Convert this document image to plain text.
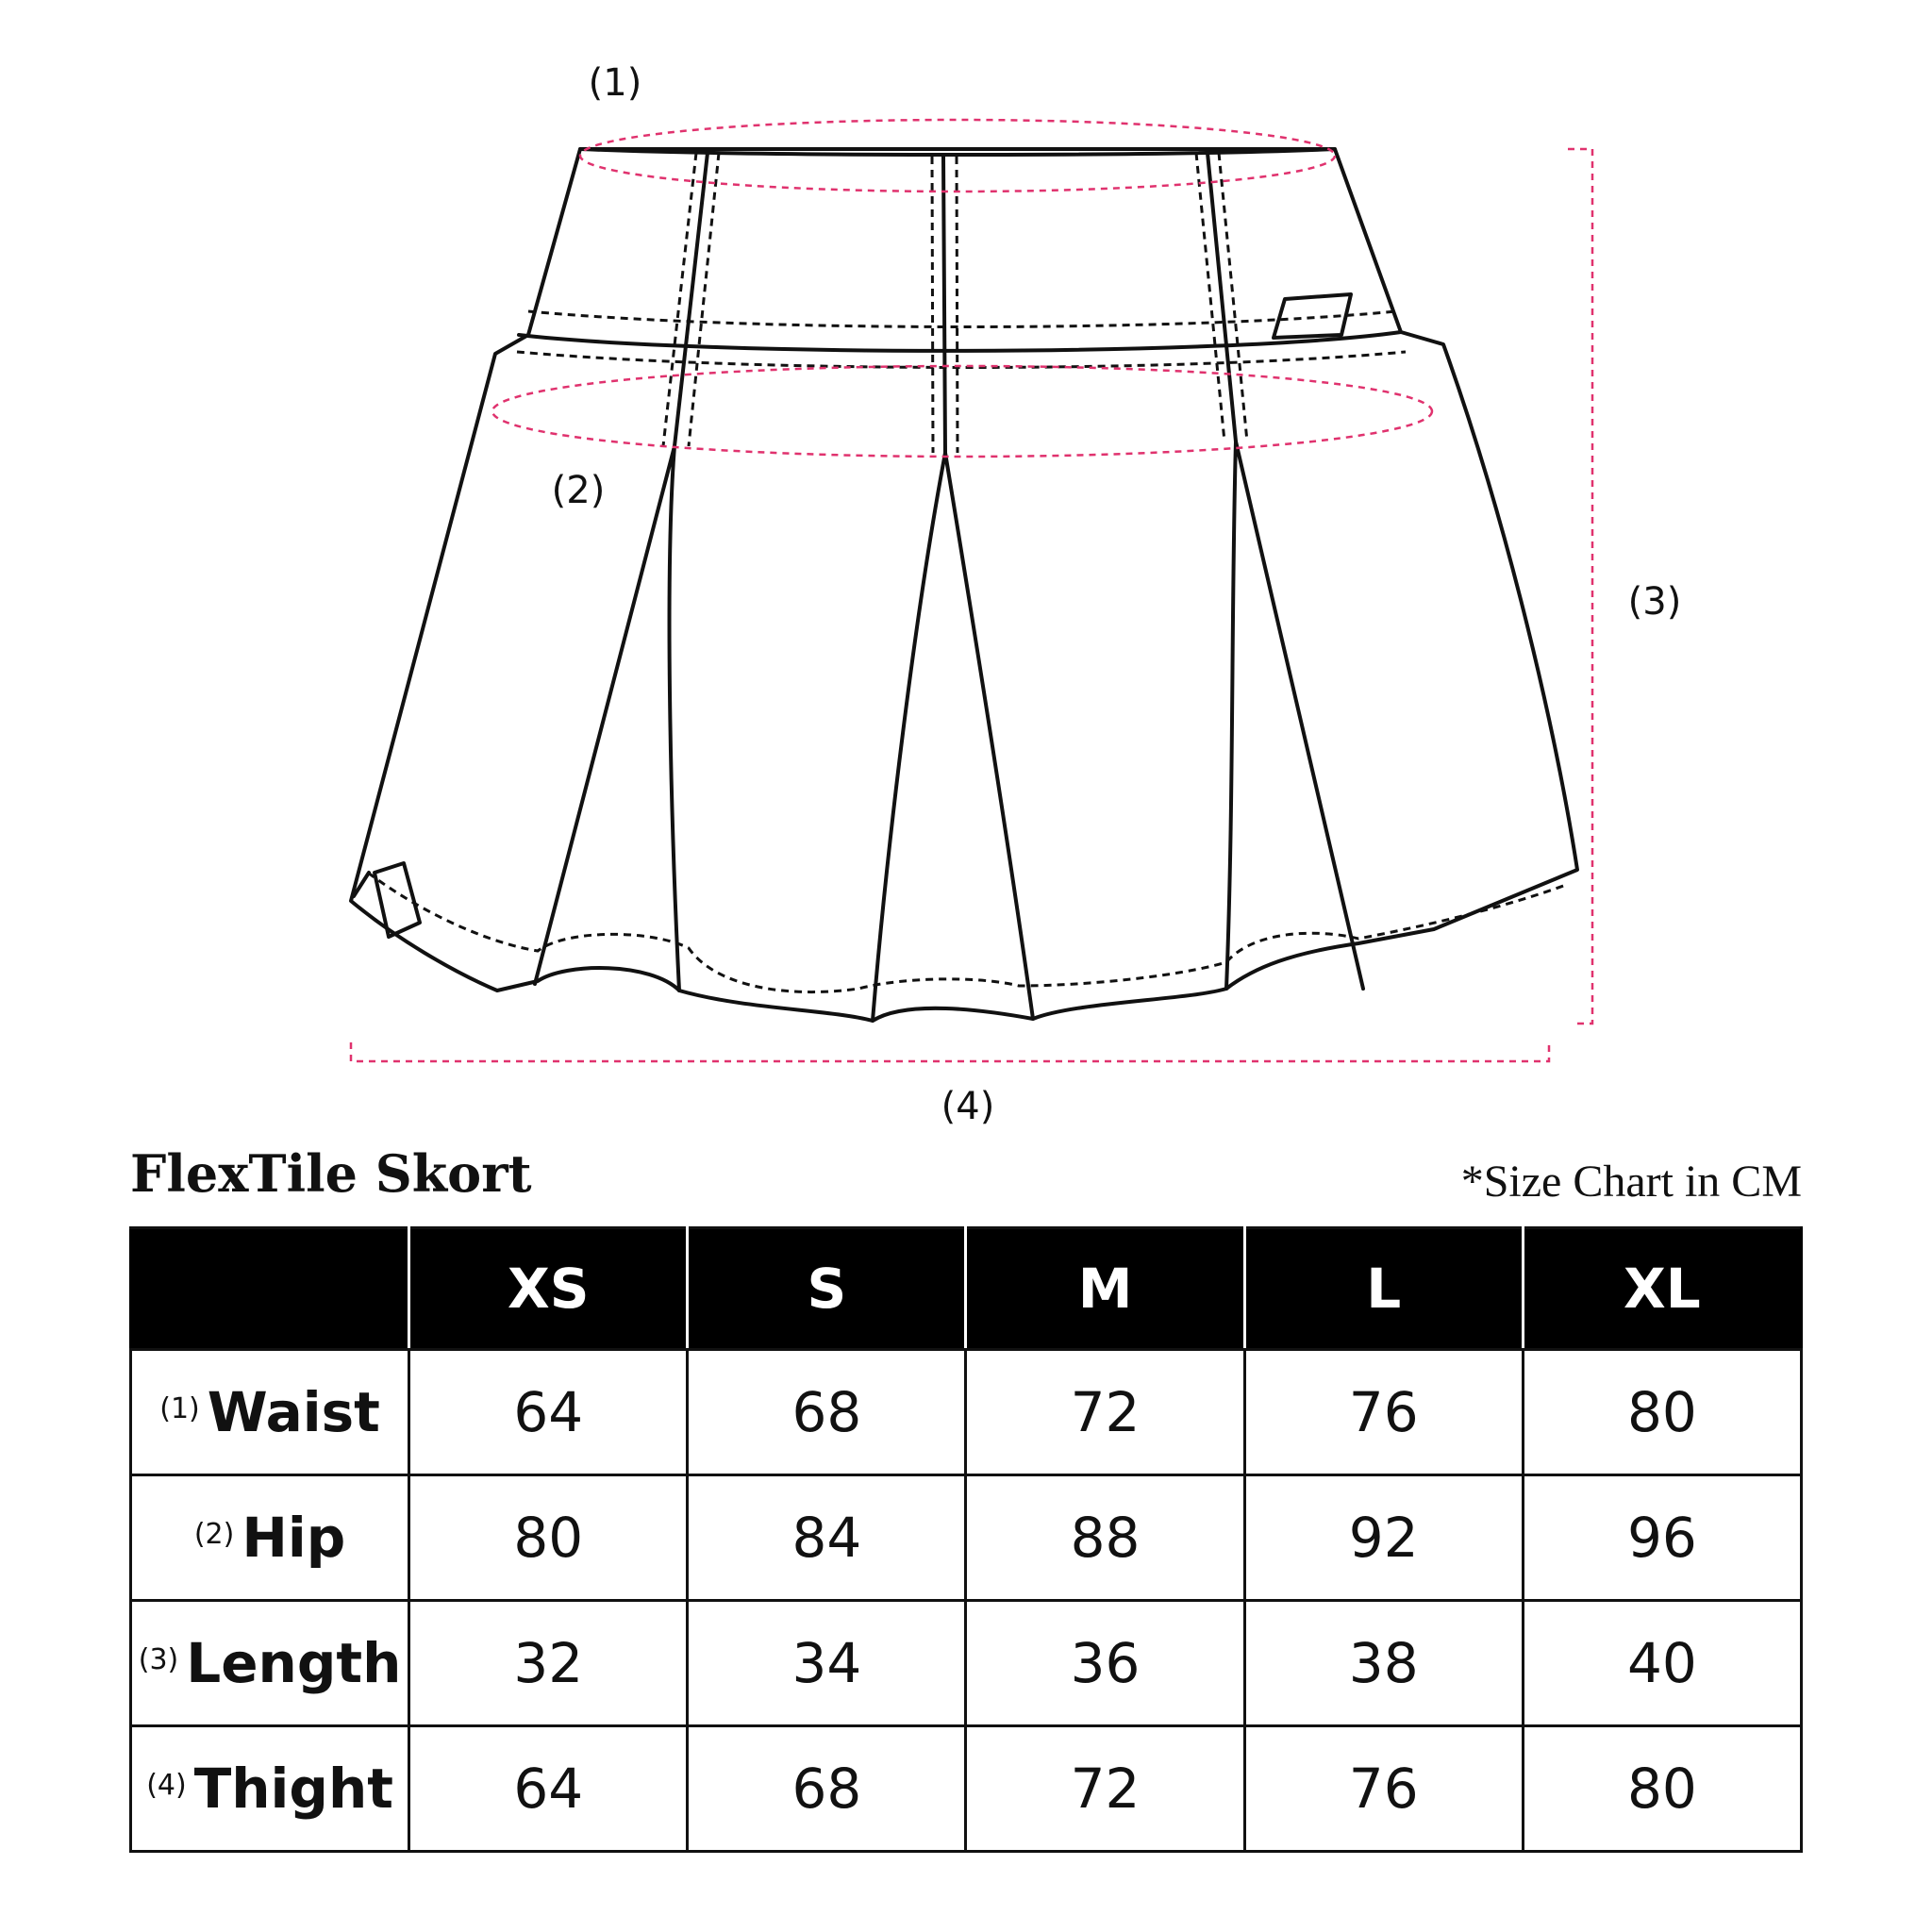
(1)
(2)
(3)
(4)
FlexTile Skort	*Size Chart in CM
	XS	S	M	L	XL
$^{(1)}$ Waist	64	68	72	76	80
$^{(2)}$ Hip	80	84	88	92	96
$^{(3)}$ Length	32	34	36	38	40
$^{(4)}$ Thight	64	68	72	76	80
